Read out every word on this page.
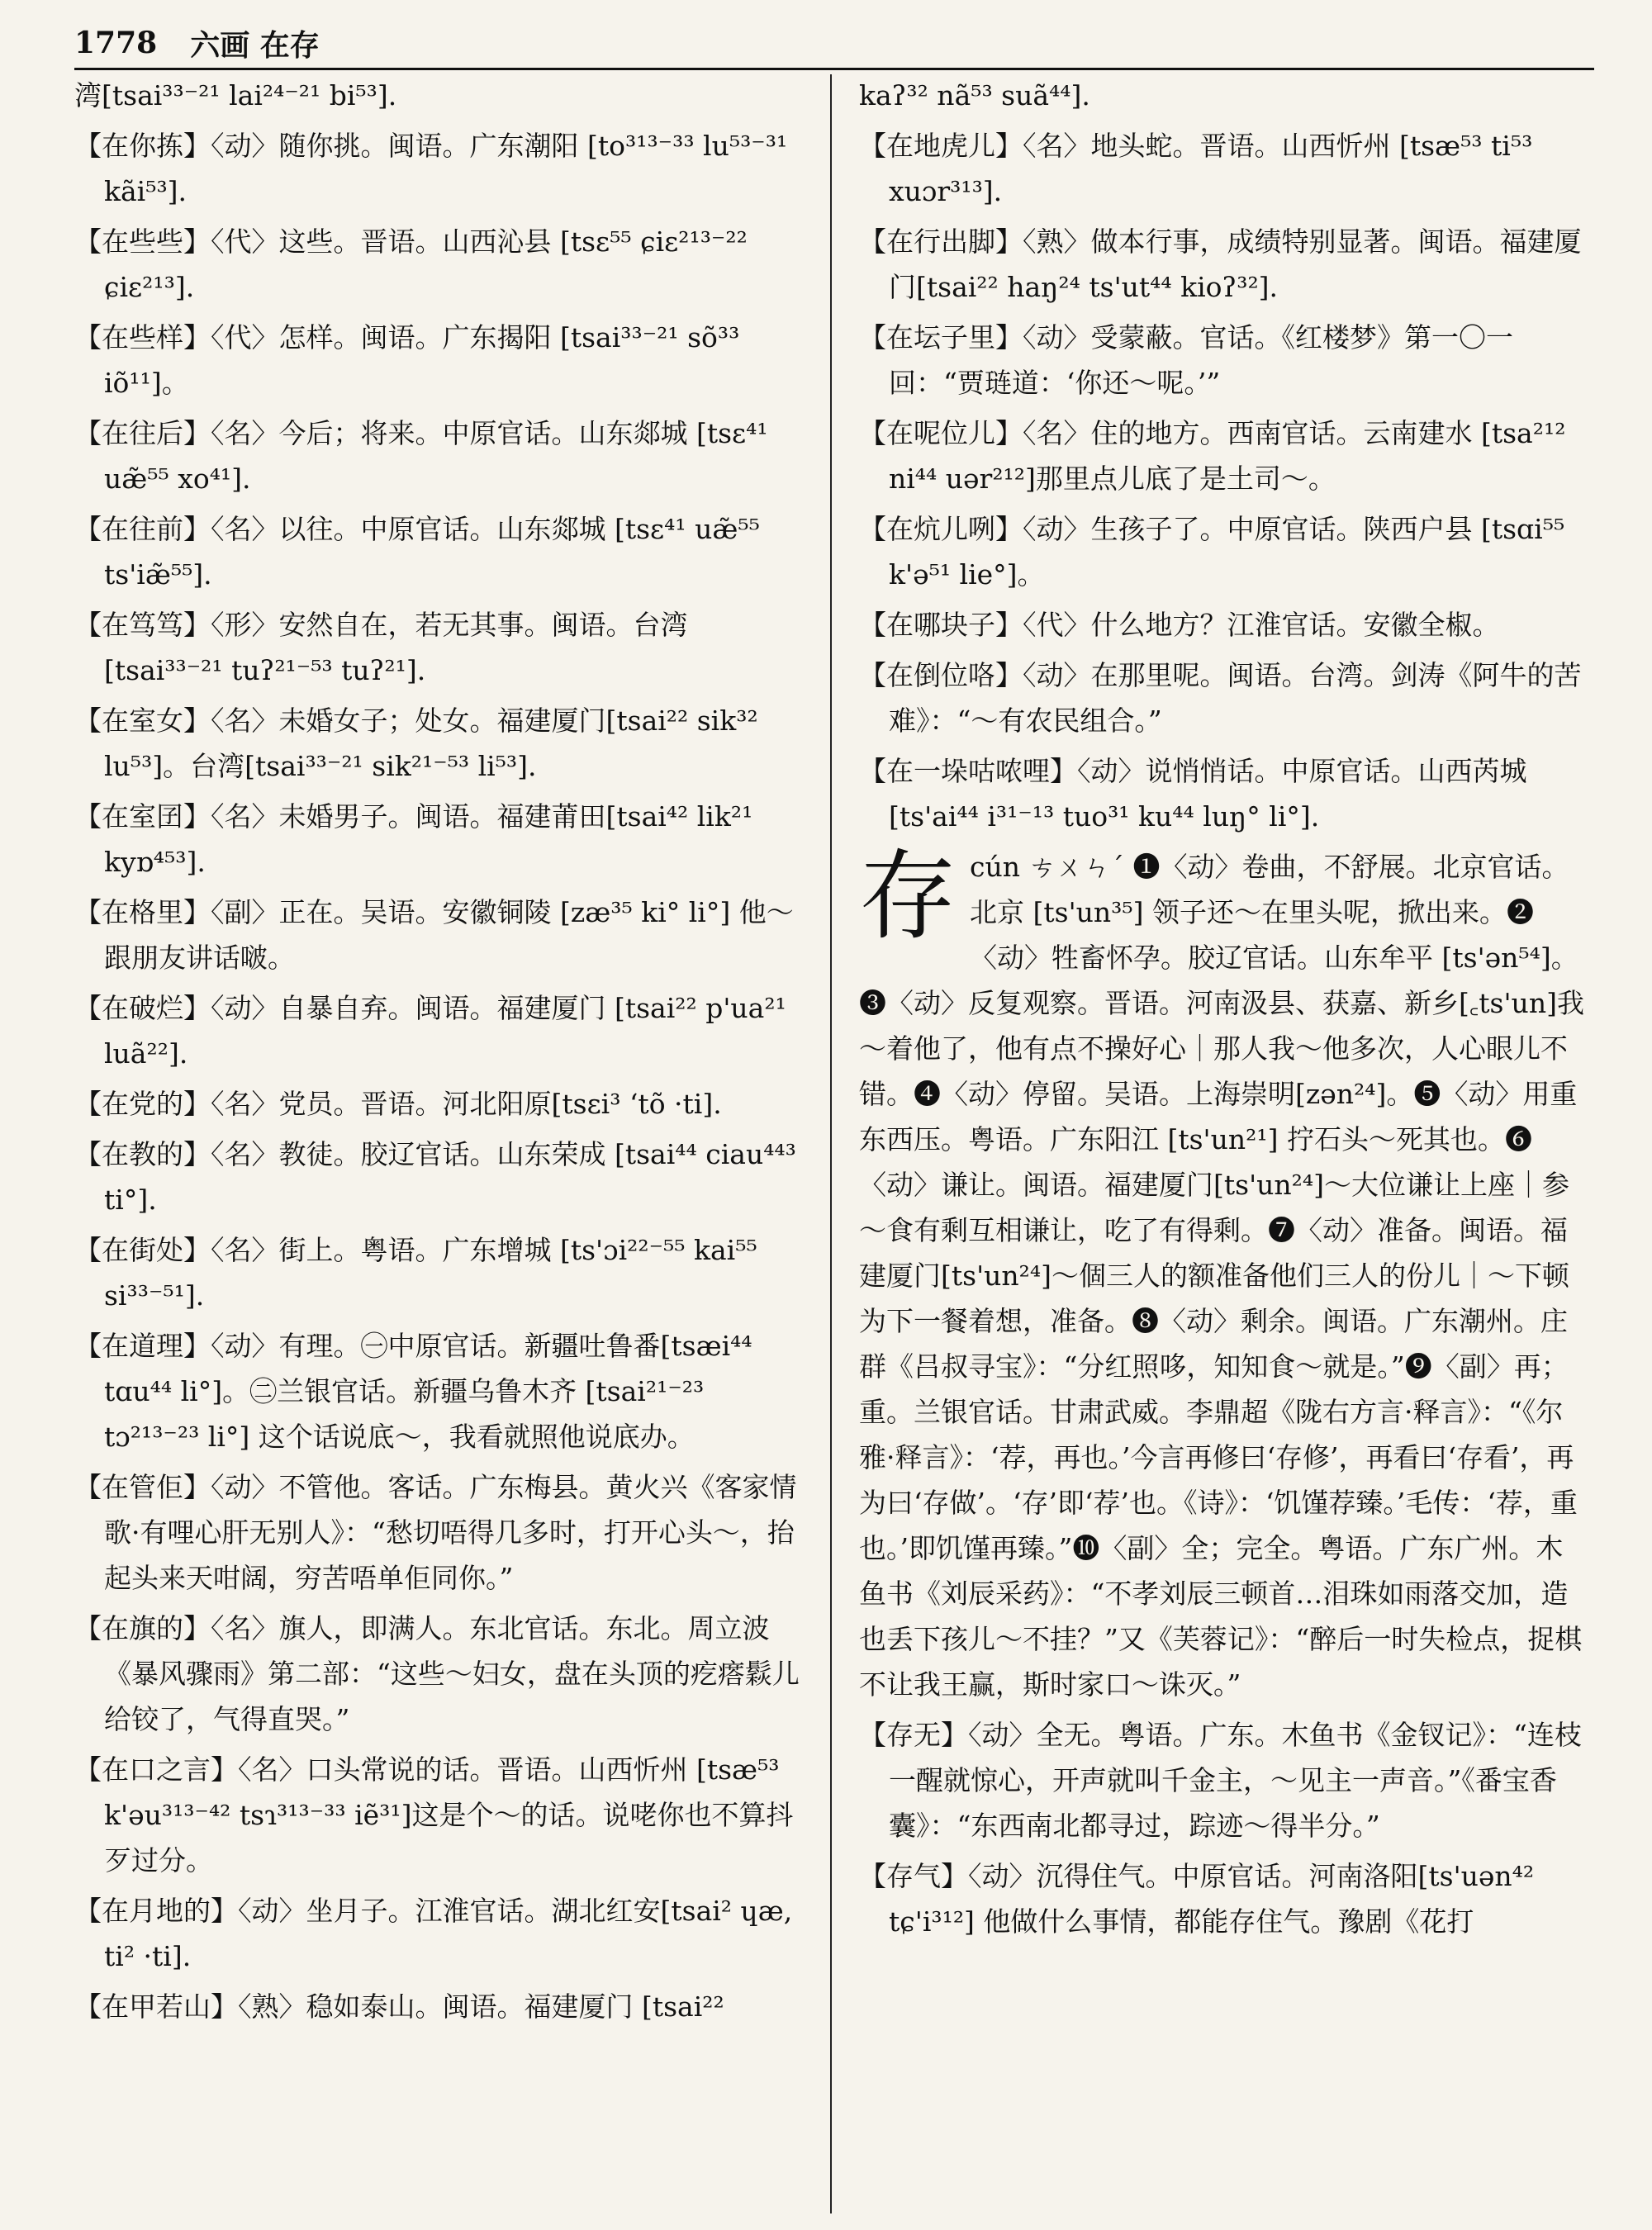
1778 六画 在存

湾[tsai³³⁻²¹ lai²⁴⁻²¹ bi⁵³].

【在你拣】〈动〉随你挑。闽语。广东潮阳 [to³¹³⁻³³ lu⁵³⁻³¹ kãi⁵³].

【在些些】〈代〉这些。晋语。山西沁县 [tsɛ⁵⁵ ɕiɛ²¹³⁻²² ɕiɛ²¹³].

【在些样】〈代〉怎样。闽语。广东揭阳 [tsai³³⁻²¹ sõ³³ iõ¹¹]。

【在往后】〈名〉今后；将来。中原官话。山东郯城 [tsɛ⁴¹ uæ̃⁵⁵ xo⁴¹].

【在往前】〈名〉以往。中原官话。山东郯城 [tsɛ⁴¹ uæ̃⁵⁵ ts'iæ̃⁵⁵].

【在笃笃】〈形〉安然自在，若无其事。闽语。台湾 [tsai³³⁻²¹ tuʔ²¹⁻⁵³ tuʔ²¹].

【在室女】〈名〉未婚女子；处女。福建厦门[tsai²² sik³² lu⁵³]。台湾[tsai³³⁻²¹ sik²¹⁻⁵³ li⁵³].

【在室囝】〈名〉未婚男子。闽语。福建莆田[tsai⁴² lik²¹ kyɒ⁴⁵³].

【在格里】〈副〉正在。吴语。安徽铜陵 [zæ³⁵ ki° li°] 他～跟朋友讲话啵。

【在破烂】〈动〉自暴自弃。闽语。福建厦门 [tsai²² p'ua²¹ luã²²].

【在党的】〈名〉党员。晋语。河北阳原[tsɛi³ ʻtõ ·ti].

【在教的】〈名〉教徒。胶辽官话。山东荣成 [tsai⁴⁴ ciau⁴⁴³ ti°].

【在街处】〈名〉街上。粤语。广东增城 [ts'ɔi²²⁻⁵⁵ kai⁵⁵ si³³⁻⁵¹].

【在道理】〈动〉有理。㊀中原官话。新疆吐鲁番[tsæi⁴⁴ tɑu⁴⁴ li°]。㊁兰银官话。新疆乌鲁木齐 [tsai²¹⁻²³ tɔ²¹³⁻²³ li°] 这个话说底～，我看就照他说底办。

【在管佢】〈动〉不管他。客话。广东梅县。黄火兴《客家情歌·有哩心肝无别人》：“愁切唔得几多时，打开心头～，抬起头来天咁阔，穷苦唔单佢同你。”

【在旗的】〈名〉旗人，即满人。东北官话。东北。周立波《暴风骤雨》第二部：“这些～妇女，盘在头顶的疙瘩鬏儿给铰了，气得直哭。”

【在口之言】〈名〉口头常说的话。晋语。山西忻州 [tsæ⁵³ k'əu³¹³⁻⁴² tsɿ³¹³⁻³³ iẽ³¹]这是个～的话。说咾你也不算抖歹过分。

【在月地的】〈动〉坐月子。江淮官话。湖北红安[tsai² ɥæ, ti² ·ti].

【在甲若山】〈熟〉稳如泰山。闽语。福建厦门 [tsai²²

kaʔ³² nã⁵³ suã⁴⁴].

【在地虎儿】〈名〉地头蛇。晋语。山西忻州 [tsæ⁵³ ti⁵³ xuɔr³¹³].

【在行出脚】〈熟〉做本行事，成绩特别显著。闽语。福建厦门[tsai²² haŋ²⁴ ts'ut⁴⁴ kioʔ³²].

【在坛子里】〈动〉受蒙蔽。官话。《红楼梦》第一〇一回：“贾琏道：‘你还～呢。’”

【在呢位儿】〈名〉住的地方。西南官话。云南建水 [tsa²¹² ni⁴⁴ uər²¹²]那里点儿底了是土司～。

【在炕儿咧】〈动〉生孩子了。中原官话。陕西户县 [tsɑi⁵⁵ k'ə⁵¹ lie°]。

【在哪块子】〈代〉什么地方？江淮官话。安徽全椒。

【在倒位咯】〈动〉在那里呢。闽语。台湾。剑涛《阿牛的苦难》：“～有农民组合。”

【在一垛咕哝哩】〈动〉说悄悄话。中原官话。山西芮城[ts'ai⁴⁴ i³¹⁻¹³ tuo³¹ ku⁴⁴ luŋ° li°].

存 cún ㄘㄨㄣˊ ❶〈动〉卷曲，不舒展。北京官话。北京 [ts'un³⁵] 领子还～在里头呢，掀出来。❷〈动〉牲畜怀孕。胶辽官话。山东牟平 [ts'ən⁵⁴]。❸〈动〉反复观察。晋语。河南汲县、获嘉、新乡[꜀ts'un]我～着他了，他有点不操好心｜那人我～他多次，人心眼儿不错。❹〈动〉停留。吴语。上海崇明[zən²⁴]。❺〈动〉用重东西压。粤语。广东阳江 [ts'un²¹] 拧石头～死其也。❻〈动〉谦让。闽语。福建厦门[ts'un²⁴]～大位谦让上座｜参～食有剩互相谦让，吃了有得剩。❼〈动〉准备。闽语。福建厦门[ts'un²⁴]～個三人的额准备他们三人的份儿｜～下顿为下一餐着想，准备。❽〈动〉剩余。闽语。广东潮州。庄群《吕叔寻宝》：“分红照哆，知知食～就是。”❾〈副〉再；重。兰银官话。甘肃武威。李鼎超《陇右方言·释言》：“《尔雅·释言》：‘荐，再也。’今言再修曰‘存修’，再看曰‘存看’，再为曰‘存做’。‘存’即‘荐’也。《诗》：‘饥馑荐臻。’毛传：‘荐，重也。’即饥馑再臻。”❿〈副〉全；完全。粤语。广东广州。木鱼书《刘辰采药》：“不孝刘辰三顿首…泪珠如雨落交加，造也丢下孩儿～不挂？”又《芙蓉记》：“醉后一时失检点，捉棋不让我王赢，斯时家口～诛灭。”

【存无】〈动〉全无。粤语。广东。木鱼书《金钗记》：“连枝一醒就惊心，开声就叫千金主，～见主一声音。”《番宝香囊》：“东西南北都寻过，踪迹～得半分。”

【存气】〈动〉沉得住气。中原官话。河南洛阳[ts'uən⁴² tɕ'i³¹²] 他做什么事情，都能存住气。豫剧《花打
